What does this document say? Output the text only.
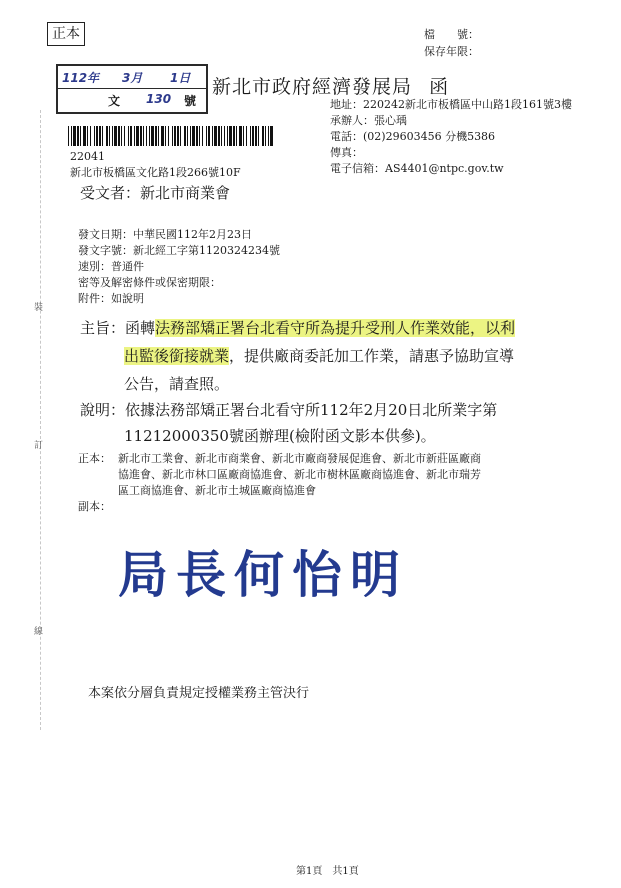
裝
訂
線
正本	檔　　號：
保存年限：
112年 3月 1日
文 130 號
新北市政府經濟發展局 函
地址：220242新北市板橋區中山路1段161號3樓
承辦人：張心瑀
電話：(02)29603456 分機5386
傳真：
電子信箱：AS4401@ntpc.gov.tw
22041
新北市板橋區文化路1段266號10F
受文者：新北市商業會
發文日期：中華民國112年2月23日
發文字號：新北經工字第1120324234號
速別：普通件
密等及解密條件或保密期限：
附件：如說明
主旨：函轉法務部矯正署台北看守所為提升受刑人作業效能，以利
出監後銜接就業，提供廠商委託加工作業，請惠予協助宣導
公告，請查照。
說明：依據法務部矯正署台北看守所112年2月20日北所業字第
11212000350號函辦理(檢附函文影本供參)。
正本： 新北市工業會、新北市商業會、新北市廠商發展促進會、新北市新莊區廠商
協進會、新北市林口區廠商協進會、新北市樹林區廠商協進會、新北市瑞芳
區工商協進會、新北市土城區廠商協進會
副本：
局長何怡明
本案依分層負責規定授權業務主管決行
第1頁　共1頁
